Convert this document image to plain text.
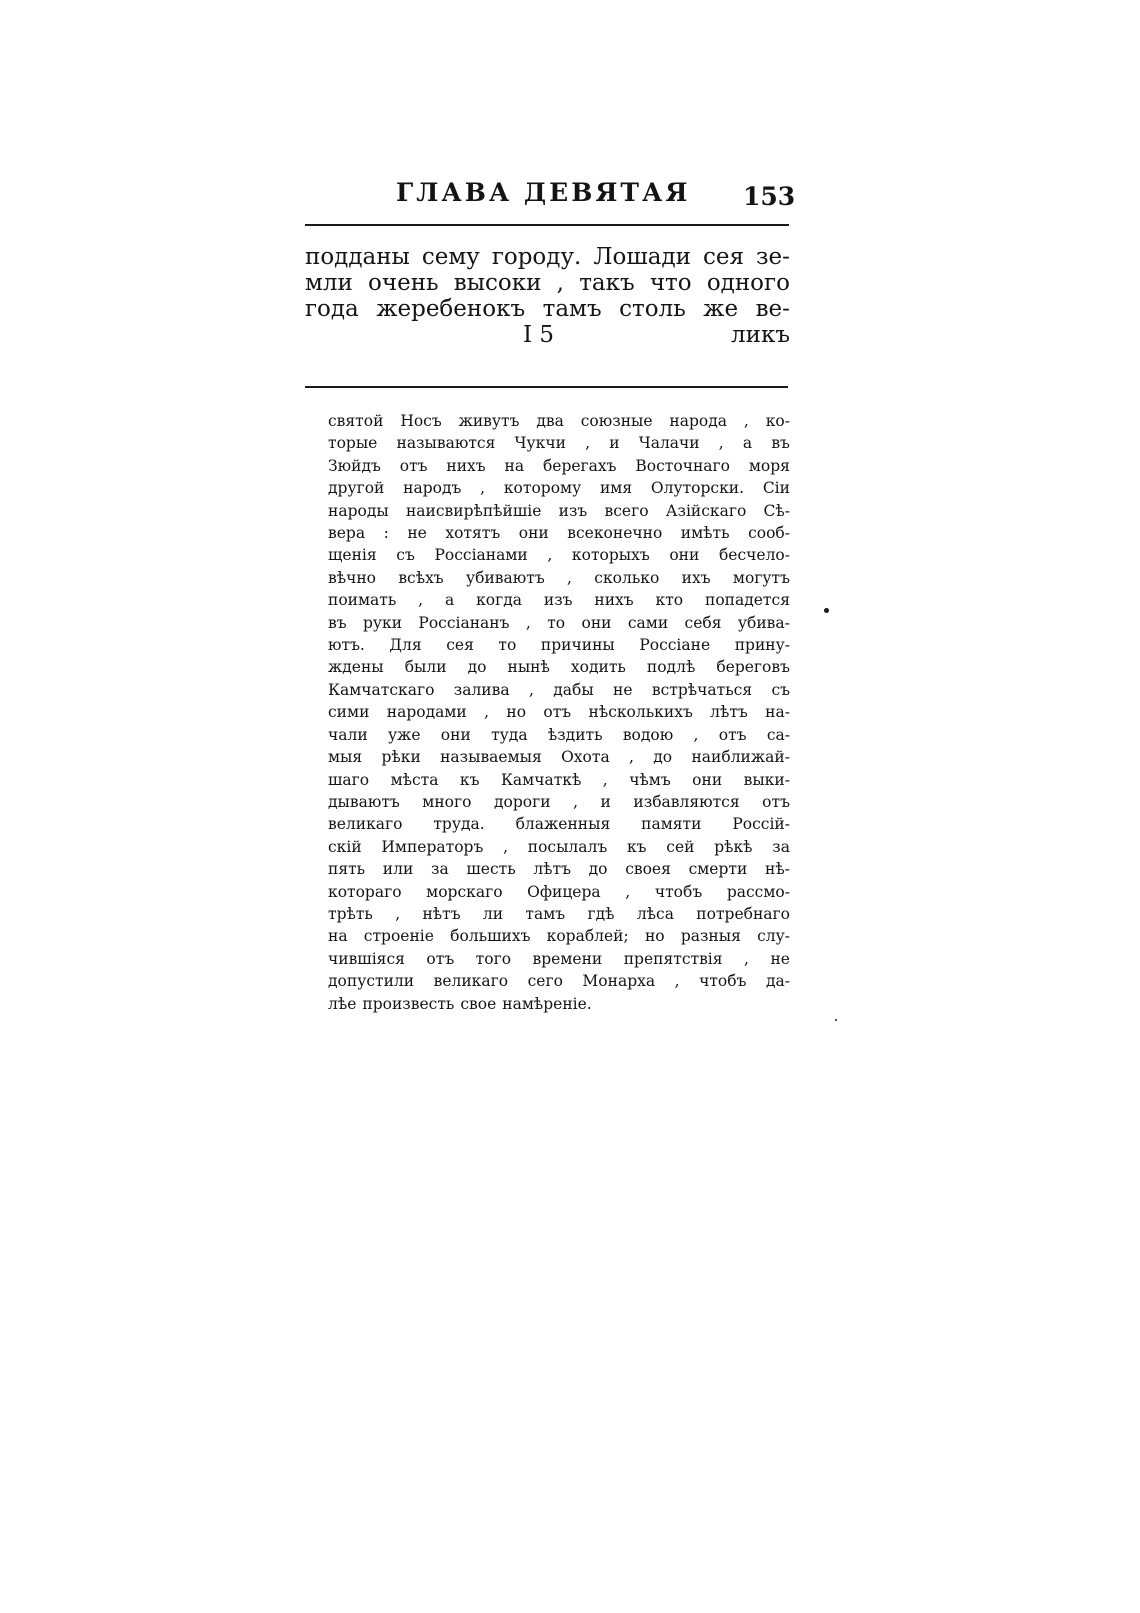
ГЛАВА ДЕВЯТАЯ 153
подданы сему городу. Лошади сея зе-
мли очень высоки , такъ что одного
года жеребенокъ тамъ столь же ве-
I 5	ликъ
святой Носъ живутъ два союзные народа , ко-
торые называются Чукчи , и Чалачи , а въ
Зюйдъ отъ нихъ на берегахъ Восточнаго моря
другой народъ , которому имя Олуторски. Сіи
народы наисвирѣпѣйшіе изъ всего Азійскаго Сѣ-
вера : не хотятъ они всеконечно имѣть сооб-
щенія съ Россіанами , которыхъ они бесчело-
вѣчно всѣхъ убиваютъ , сколько ихъ могутъ
поимать , а когда изъ нихъ кто попадется
въ руки Россіананъ , то они сами себя убива-
ютъ. Для сея то причины Россіане прину-
ждены были до нынѣ ходить подлѣ береговъ
Камчатскаго залива , дабы не встрѣчаться съ
сими народами , но отъ нѣсколькихъ лѣтъ на-
чали уже они туда ѣздить водою , отъ са-
мыя рѣки называемыя Охота , до наиближай-
шаго мѣста къ Камчаткѣ , чѣмъ они выки-
дываютъ много дороги , и избавляются отъ
великаго труда. блаженныя памяти Россій-
скій Императоръ , посылалъ къ сей рѣкѣ за
пять или за шесть лѣтъ до своея смерти нѣ-
котораго морскаго Офицера , чтобъ рассмо-
трѣть , нѣтъ ли тамъ гдѣ лѣса потребнаго
на строеніе большихъ кораблей; но разныя слу-
чившіяся отъ того времени препятствія , не
допустили великаго сего Монарха , чтобъ да-
лѣе произвесть свое намѣреніе.
